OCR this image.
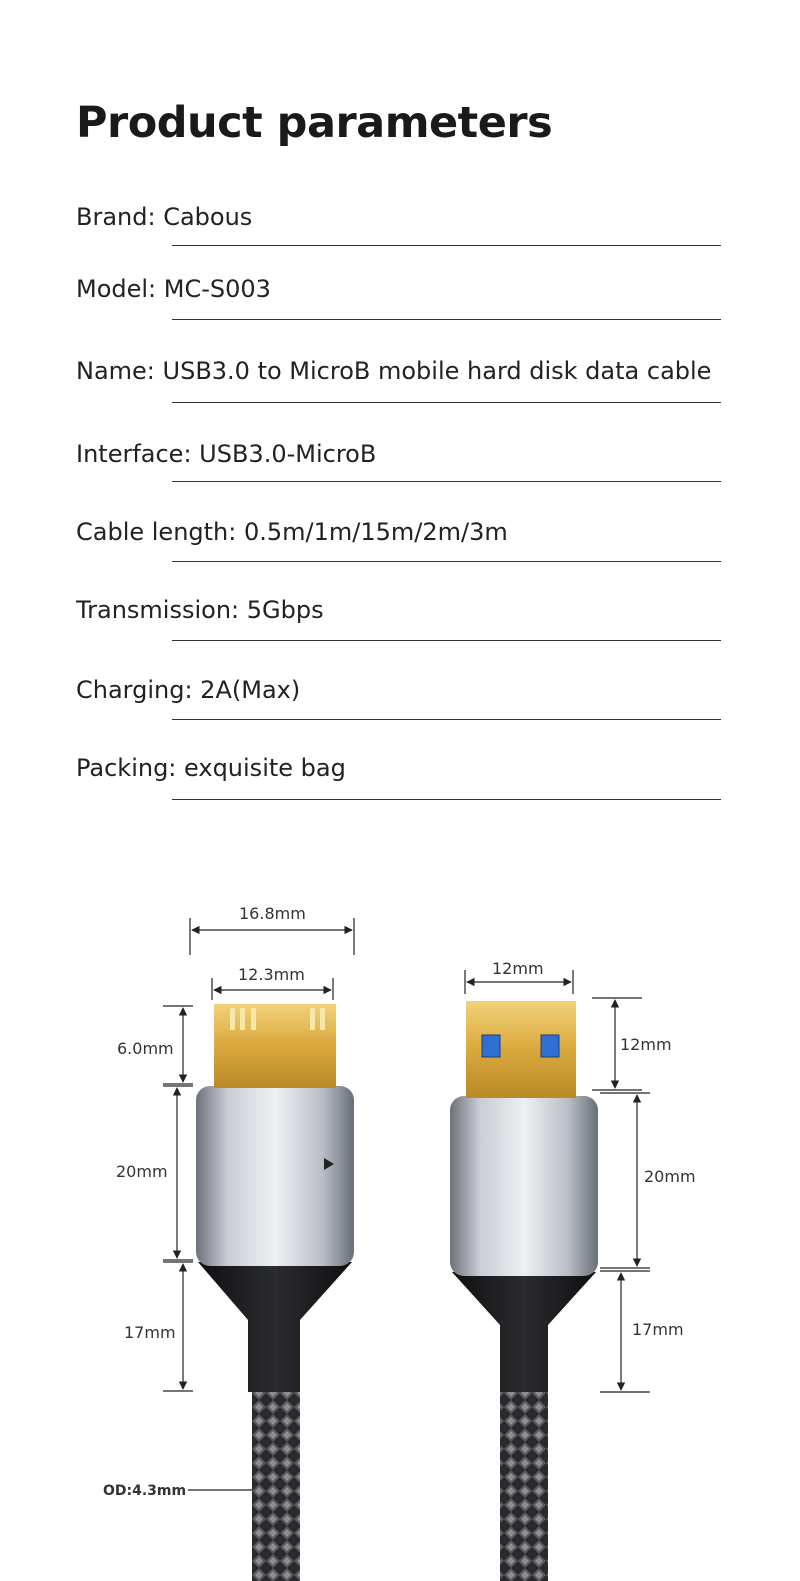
Product parameters
Brand: Cabous
Model: MC-S003
Name: USB3.0 to MicroB mobile hard disk data cable
Interface: USB3.0-MicroB
Cable length: 0.5m/1m/15m/2m/3m
Transmission: 5Gbps
Charging: 2A(Max)
Packing: exquisite bag
16.8mm
12.3mm
6.0mm
20mm
17mm
OD:4.3mm
12mm
12mm
20mm
17mm
